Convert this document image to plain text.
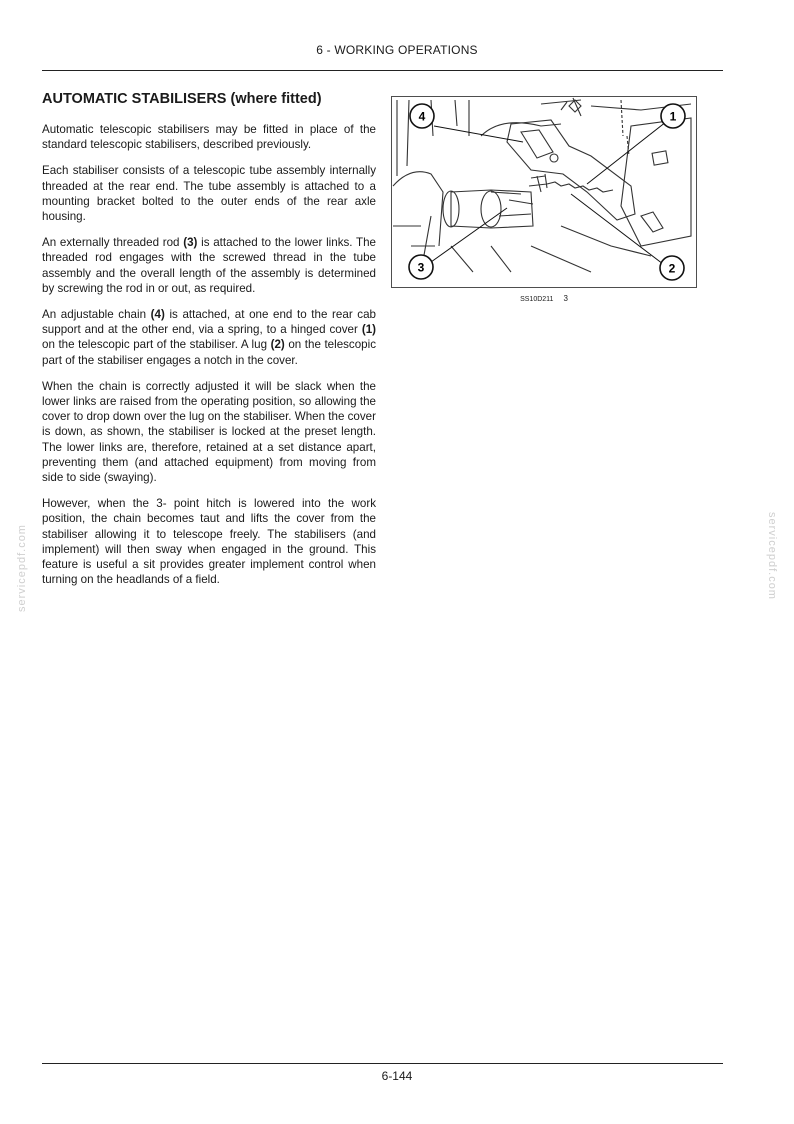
6 - WORKING OPERATIONS
AUTOMATIC STABILISERS (where fitted)

Automatic telescopic stabilisers may be fitted in place of the standard telescopic stabilisers, described previously.

Each stabiliser consists of a telescopic tube assembly internally threaded at the rear end. The tube assembly is attached to a mounting bracket bolted to the outer ends of the rear axle housing.

An externally threaded rod (3) is attached to the lower links. The threaded rod engages with the screwed thread in the tube assembly and the overall length of the assembly is determined by screwing the rod in or out, as required.

An adjustable chain (4) is attached, at one end to the rear cab support and at the other end, via a spring, to a hinged cover (1) on the telescopic part of the stabiliser. A lug (2) on the telescopic part of the stabiliser engages a notch in the cover.

When the chain is correctly adjusted it will be slack when the lower links are raised from the operating position, so allowing the cover to drop down over the lug on the stabiliser. When the cover is down, as shown, the stabiliser is locked at the preset length. The lower links are, therefore, retained at a set distance apart, preventing them (and attached equipment) from moving from side to side (swaying).

However, when the 3- point hitch is lowered into the work position, the chain becomes taut and lifts the cover from the stabiliser allowing it to telescope freely. The stabilisers (and implement) will then sway when engaged in the ground. This feature is useful a sit provides greater implement control when turning on the headlands of a field.

4	1
3	2
SS10D211 3
servicepdf.com	servicepdf.com
6-144
